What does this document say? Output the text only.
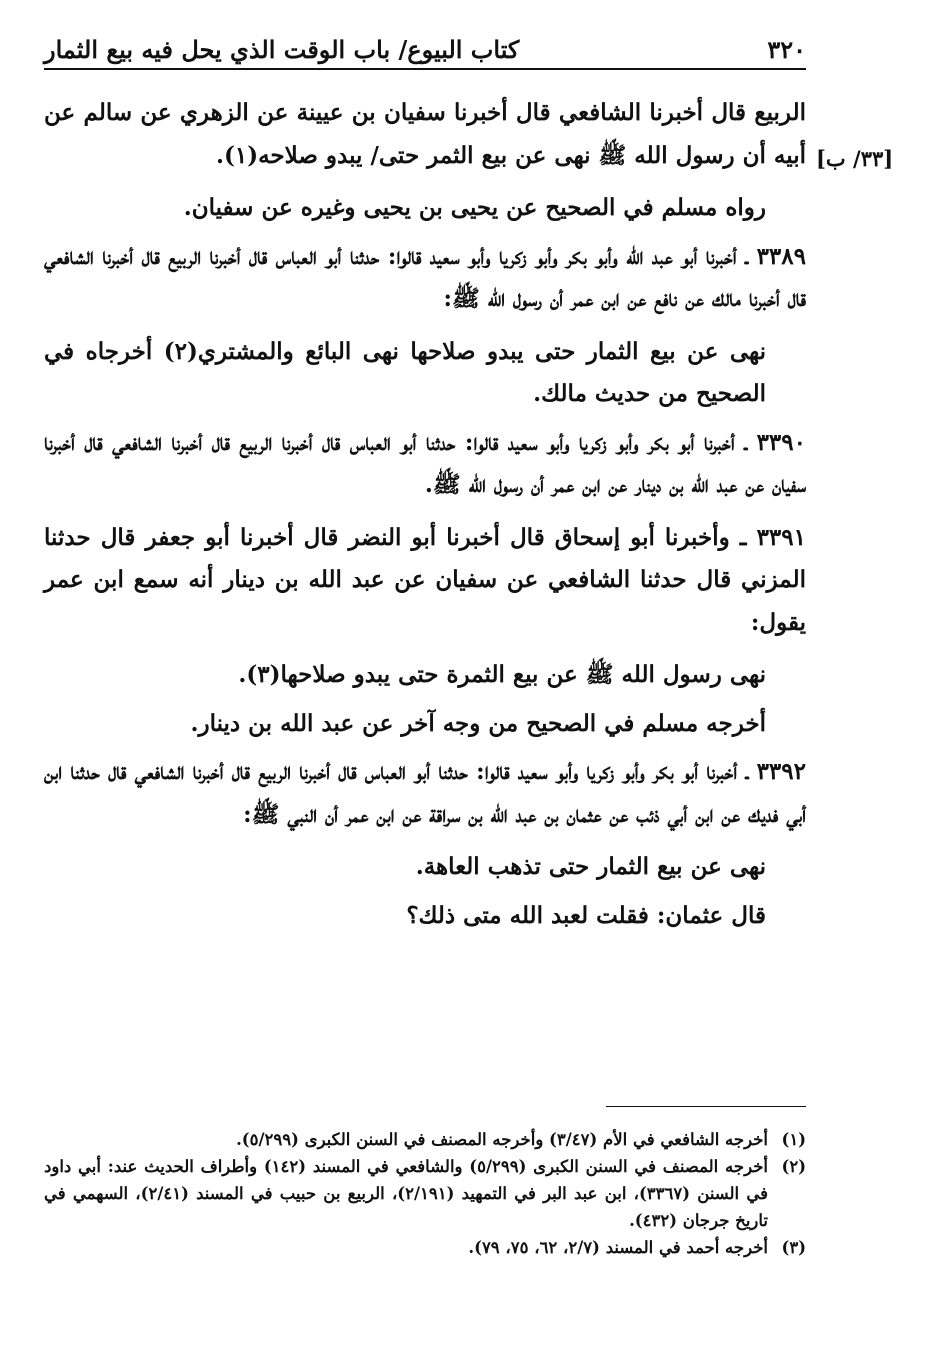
٣٢٠
كتاب البيوع/ باب الوقت الذي يحل فيه بيع الثمار
[٣٣/ ب]

الربيع قال أخبرنا الشافعي قال أخبرنا سفيان بن عيينة عن الزهري عن سالم عن أبيه أن رسول الله ﷺ نهى عن بيع الثمر حتى/ يبدو صلاحه(١).

رواه مسلم في الصحيح عن يحيى بن يحيى وغيره عن سفيان.

٣٣٨٩ ـ أخبرنا أبو عبد الله وأبو بكر وأبو زكريا وأبو سعيد قالوا: حدثنا أبو العباس قال أخبرنا الربيع قال أخبرنا الشافعي قال أخبرنا مالك عن نافع عن ابن عمر أن رسول الله ﷺ:

نهى عن بيع الثمار حتى يبدو صلاحها نهى البائع والمشتري(٢) أخرجاه في الصحيح من حديث مالك.

٣٣٩٠ ـ أخبرنا أبو بكر وأبو زكريا وأبو سعيد قالوا: حدثنا أبو العباس قال أخبرنا الربيع قال أخبرنا الشافعي قال أخبرنا سفيان عن عبد الله بن دينار عن ابن عمر أن رسول الله ﷺ.

٣٣٩١ ـ وأخبرنا أبو إسحاق قال أخبرنا أبو النضر قال أخبرنا أبو جعفر قال حدثنا المزني قال حدثنا الشافعي عن سفيان عن عبد الله بن دينار أنه سمع ابن عمر يقول:

نهى رسول الله ﷺ عن بيع الثمرة حتى يبدو صلاحها(٣).

أخرجه مسلم في الصحيح من وجه آخر عن عبد الله بن دينار.

٣٣٩٢ ـ أخبرنا أبو بكر وأبو زكريا وأبو سعيد قالوا: حدثنا أبو العباس قال أخبرنا الربيع قال أخبرنا الشافعي قال حدثنا ابن أبي فديك عن ابن أبي ذئب عن عثمان بن عبد الله بن سراقة عن ابن عمر أن النبي ﷺ:

نهى عن بيع الثمار حتى تذهب العاهة.

قال عثمان: فقلت لعبد الله متى ذلك؟

(١)
أخرجه الشافعي في الأم (٣/٤٧) وأخرجه المصنف في السنن الكبرى (٥/٢٩٩).
(٢)
أخرجه المصنف في السنن الكبرى (٥/٢٩٩) والشافعي في المسند (١٤٢) وأطراف الحديث عند: أبي داود في السنن (٣٣٦٧)، ابن عبد البر في التمهيد (٢/١٩١)، الربيع بن حبيب في المسند (٢/٤١)، السهمي في تاريخ جرجان (٤٣٢).
(٣)
أخرجه أحمد في المسند (٢/٧، ٦٢، ٧٥، ٧٩).
